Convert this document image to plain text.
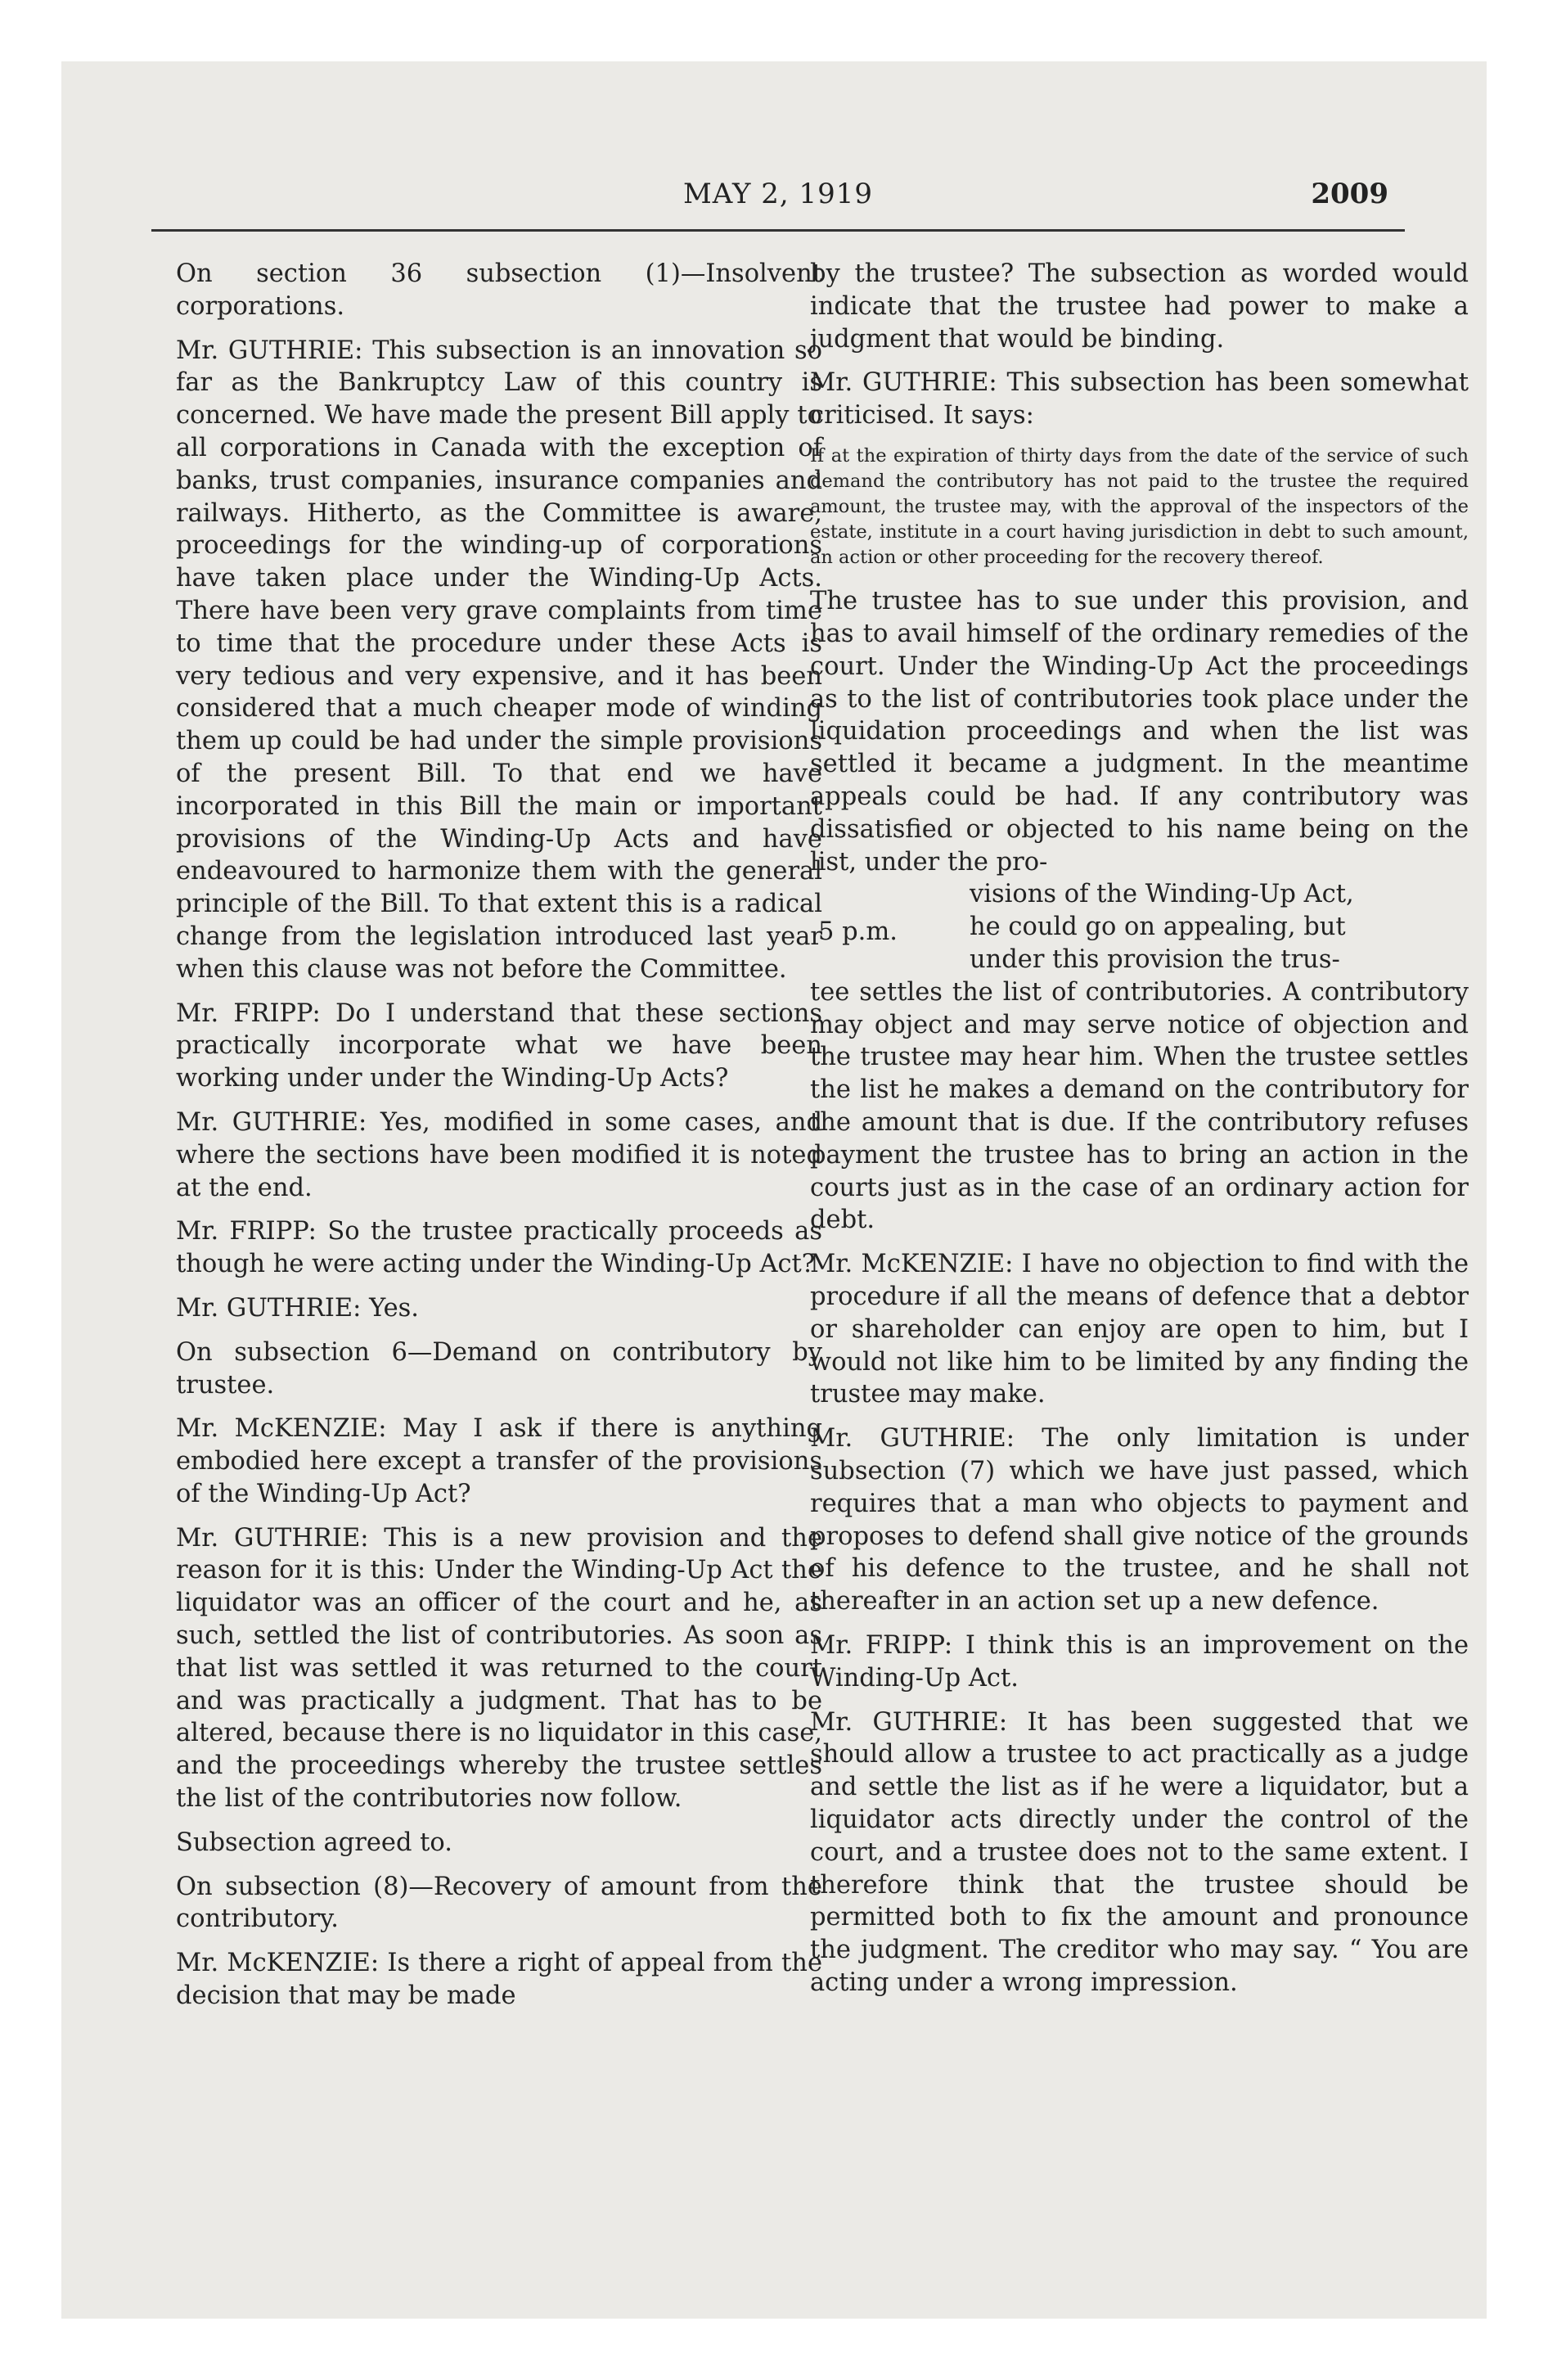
MAY 2, 1919	2009

On section 36 subsection (1)—Insolvent corporations.

Mr. GUTHRIE: This subsection is an innovation so far as the Bankruptcy Law of this country is concerned. We have made the present Bill apply to all corporations in Canada with the exception of banks, trust companies, insurance companies and railways. Hitherto, as the Committee is aware, proceedings for the winding-up of corporations have taken place under the Winding-Up Acts. There have been very grave complaints from time to time that the procedure under these Acts is very tedious and very expensive, and it has been considered that a much cheaper mode of winding them up could be had under the simple provisions of the present Bill. To that end we have incorporated in this Bill the main or important provisions of the Winding-Up Acts and have endeavoured to harmonize them with the general principle of the Bill. To that extent this is a radical change from the legislation introduced last year when this clause was not before the Committee.

Mr. FRIPP: Do I understand that these sections practically incorporate what we have been working under under the Winding-Up Acts?

Mr. GUTHRIE: Yes, modified in some cases, and where the sections have been modified it is noted at the end.

Mr. FRIPP: So the trustee practically proceeds as though he were acting under the Winding-Up Act?

Mr. GUTHRIE: Yes.

On subsection 6—Demand on contributory by trustee.

Mr. McKENZIE: May I ask if there is anything embodied here except a transfer of the provisions of the Winding-Up Act?

Mr. GUTHRIE: This is a new provision and the reason for it is this: Under the Winding-Up Act the liquidator was an officer of the court and he, as such, settled the list of contributories. As soon as that list was settled it was returned to the court and was practically a judgment. That has to be altered, because there is no liquidator in this case, and the proceedings whereby the trustee settles the list of the contributories now follow.

Subsection agreed to.

On subsection (8)—Recovery of amount from the contributory.

Mr. McKENZIE: Is there a right of appeal from the decision that may be made

by the trustee? The subsection as worded would indicate that the trustee had power to make a judgment that would be binding.

Mr. GUTHRIE: This subsection has been somewhat criticised. It says:

If at the expiration of thirty days from the date of the service of such demand the contributory has not paid to the trustee the required amount, the trustee may, with the approval of the inspectors of the estate, institute in a court having jurisdiction in debt to such amount, an action or other proceeding for the recovery thereof.

The trustee has to sue under this provision, and has to avail himself of the ordinary remedies of the court. Under the Winding-Up Act the proceedings as to the list of contributories took place under the liquidation proceedings and when the list was settled it became a judgment. In the meantime appeals could be had. If any contributory was dissatisfied or objected to his name being on the list, under the pro-

5 p.m.
visions of the Winding-Up Act,
he could go on appealing, but
under this provision the trus-

tee settles the list of contributories. A contributory may object and may serve notice of objection and the trustee may hear him. When the trustee settles the list he makes a demand on the contributory for the amount that is due. If the contributory refuses payment the trustee has to bring an action in the courts just as in the case of an ordinary action for debt.

Mr. McKENZIE: I have no objection to find with the procedure if all the means of defence that a debtor or shareholder can enjoy are open to him, but I would not like him to be limited by any finding the trustee may make.

Mr. GUTHRIE: The only limitation is under subsection (7) which we have just passed, which requires that a man who objects to payment and proposes to defend shall give notice of the grounds of his defence to the trustee, and he shall not thereafter in an action set up a new defence.

Mr. FRIPP: I think this is an improvement on the Winding-Up Act.

Mr. GUTHRIE: It has been suggested that we should allow a trustee to act practically as a judge and settle the list as if he were a liquidator, but a liquidator acts directly under the control of the court, and a trustee does not to the same extent. I therefore think that the trustee should be permitted both to fix the amount and pronounce the judgment. The creditor who may say. “ You are acting under a wrong impression.
